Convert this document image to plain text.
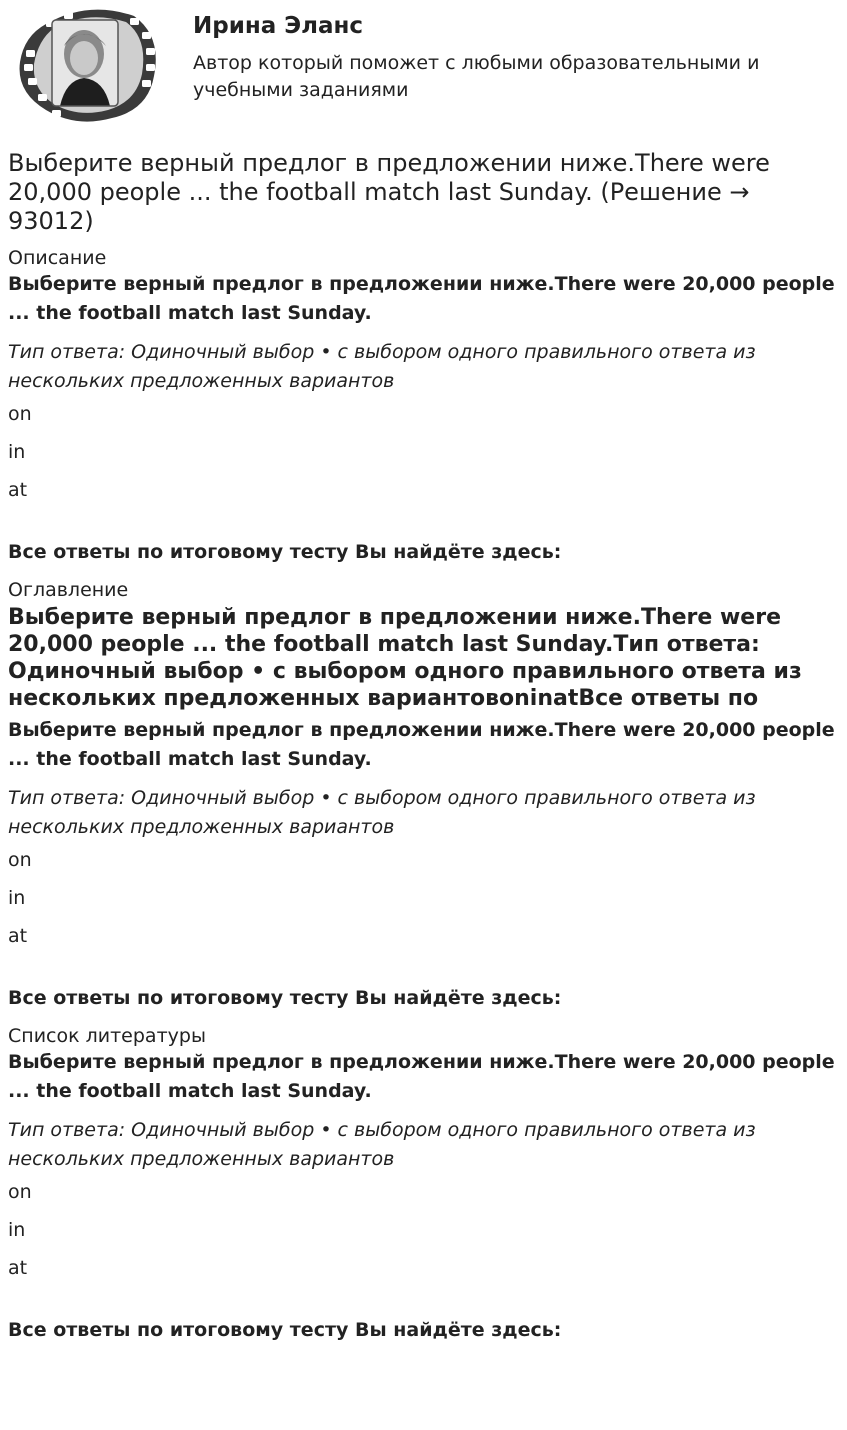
Ирина Эланс

Автор который поможет с любыми образовательными и учебными заданиями

Выберите верный предлог в предложении ниже.There were 20,000 people ... the football match last Sunday. (Решение → 93012)

Описание

Выберите верный предлог в предложении ниже.There were 20,000 people ... the football match last Sunday.

Тип ответа: Одиночный выбор • с выбором одного правильного ответа из нескольких предложенных вариантов

on
in
at

Все ответы по итоговому тесту Вы найдёте здесь:

Оглавление

Выберите верный предлог в предложении ниже.There were 20,000 people ... the football match last Sunday.Тип ответа: Одиночный выбор • с выбором одного правильного ответа из нескольких предложенных вариантовoninatВсе ответы по

Выберите верный предлог в предложении ниже.There were 20,000 people ... the football match last Sunday.

Тип ответа: Одиночный выбор • с выбором одного правильного ответа из нескольких предложенных вариантов

on
in
at

Все ответы по итоговому тесту Вы найдёте здесь:

Список литературы

Выберите верный предлог в предложении ниже.There were 20,000 people ... the football match last Sunday.

Тип ответа: Одиночный выбор • с выбором одного правильного ответа из нескольких предложенных вариантов

on
in
at

Все ответы по итоговому тесту Вы найдёте здесь:
